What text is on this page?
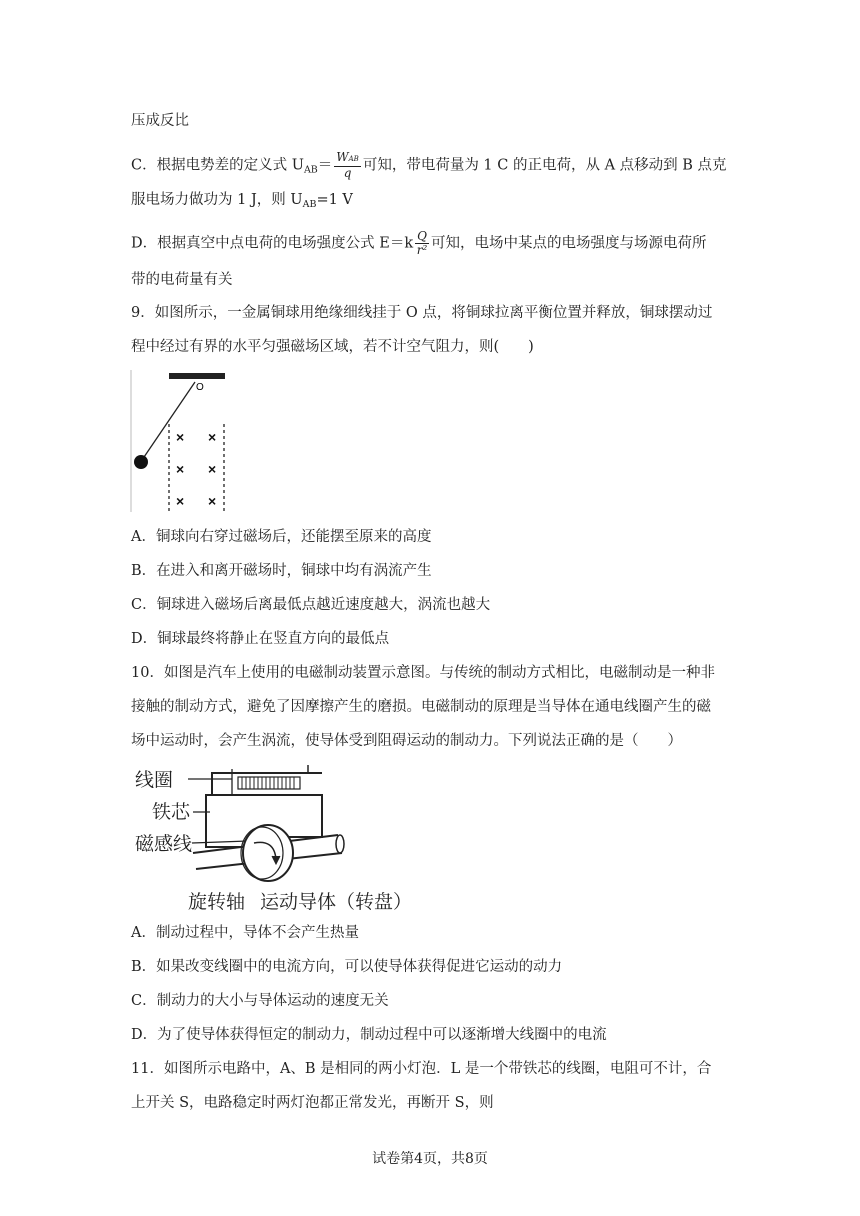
压成反比
C．根据电势差的定义式 $U_{AB}= \frac{\text{WAB}}{q}$ 可知，带电荷量为 1 C 的正电荷，从 A 点移动到 B 点克
服电场力做功为 1 J，则 $U_{AB}=1$ V
D．根据真空中点电荷的电场强度公式 $E=k \frac{Q}{\text{r²}}$ 可知，电场中某点的电场强度与场源电荷所
带的电荷量有关
9．如图所示，一金属铜球用绝缘细线挂于 O 点，将铜球拉离平衡位置并释放，铜球摆动过
程中经过有界的水平匀强磁场区域，若不计空气阻力，则(　　)
O
× ×
× ×
× ×
A．铜球向右穿过磁场后，还能摆至原来的高度
B．在进入和离开磁场时，铜球中均有涡流产生
C．铜球进入磁场后离最低点越近速度越大，涡流也越大
D．铜球最终将静止在竖直方向的最低点
10．如图是汽车上使用的电磁制动装置示意图。与传统的制动方式相比，电磁制动是一种非
接触的制动方式，避免了因摩擦产生的磨损。电磁制动的原理是当导体在通电线圈产生的磁
场中运动时，会产生涡流，使导体受到阻碍运动的制动力。下列说法正确的是（　　）
线圈
铁芯
磁感线
旋转轴 运动导体（转盘）
A．制动过程中，导体不会产生热量
B．如果改变线圈中的电流方向，可以使导体获得促进它运动的动力
C．制动力的大小与导体运动的速度无关
D．为了使导体获得恒定的制动力，制动过程中可以逐渐增大线圈中的电流
11．如图所示电路中，A、B 是相同的两小灯泡．L 是一个带铁芯的线圈，电阻可不计，合
上开关 S，电路稳定时两灯泡都正常发光，再断开 S，则
试卷第4页，共8页
